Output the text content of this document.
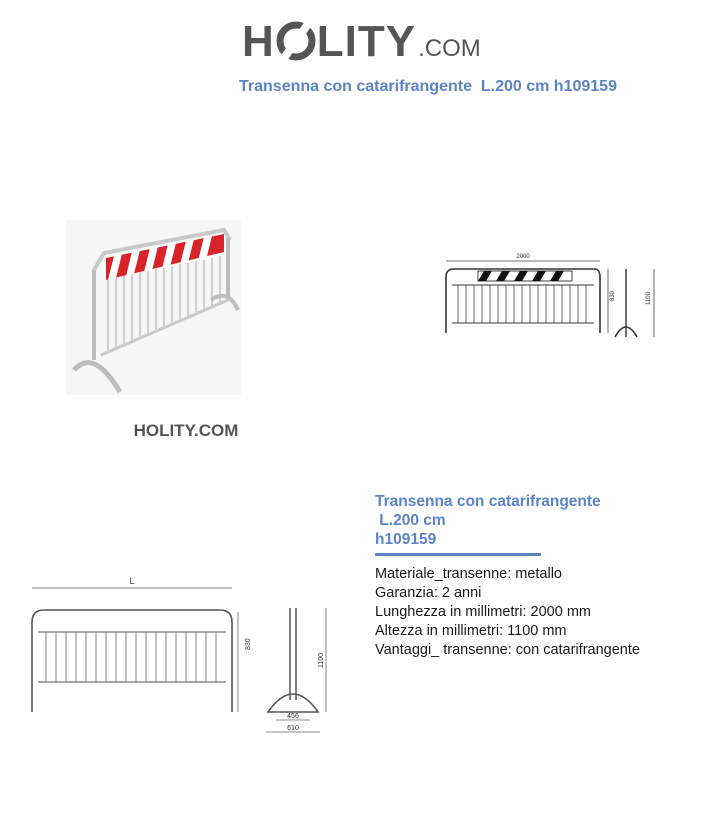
H LITY .COM
Transenna con catarifrangente  L.200 cm h109159
HOLITY.COM
2000
830	1100
L
830
1100
456
610
Transenna con catarifrangente
L.200 cm
h109159
Materiale_transenne: metallo
Garanzia: 2 anni
Lunghezza in millimetri: 2000 mm
Altezza in millimetri: 1100 mm
Vantaggi_ transenne: con catarifrangente
